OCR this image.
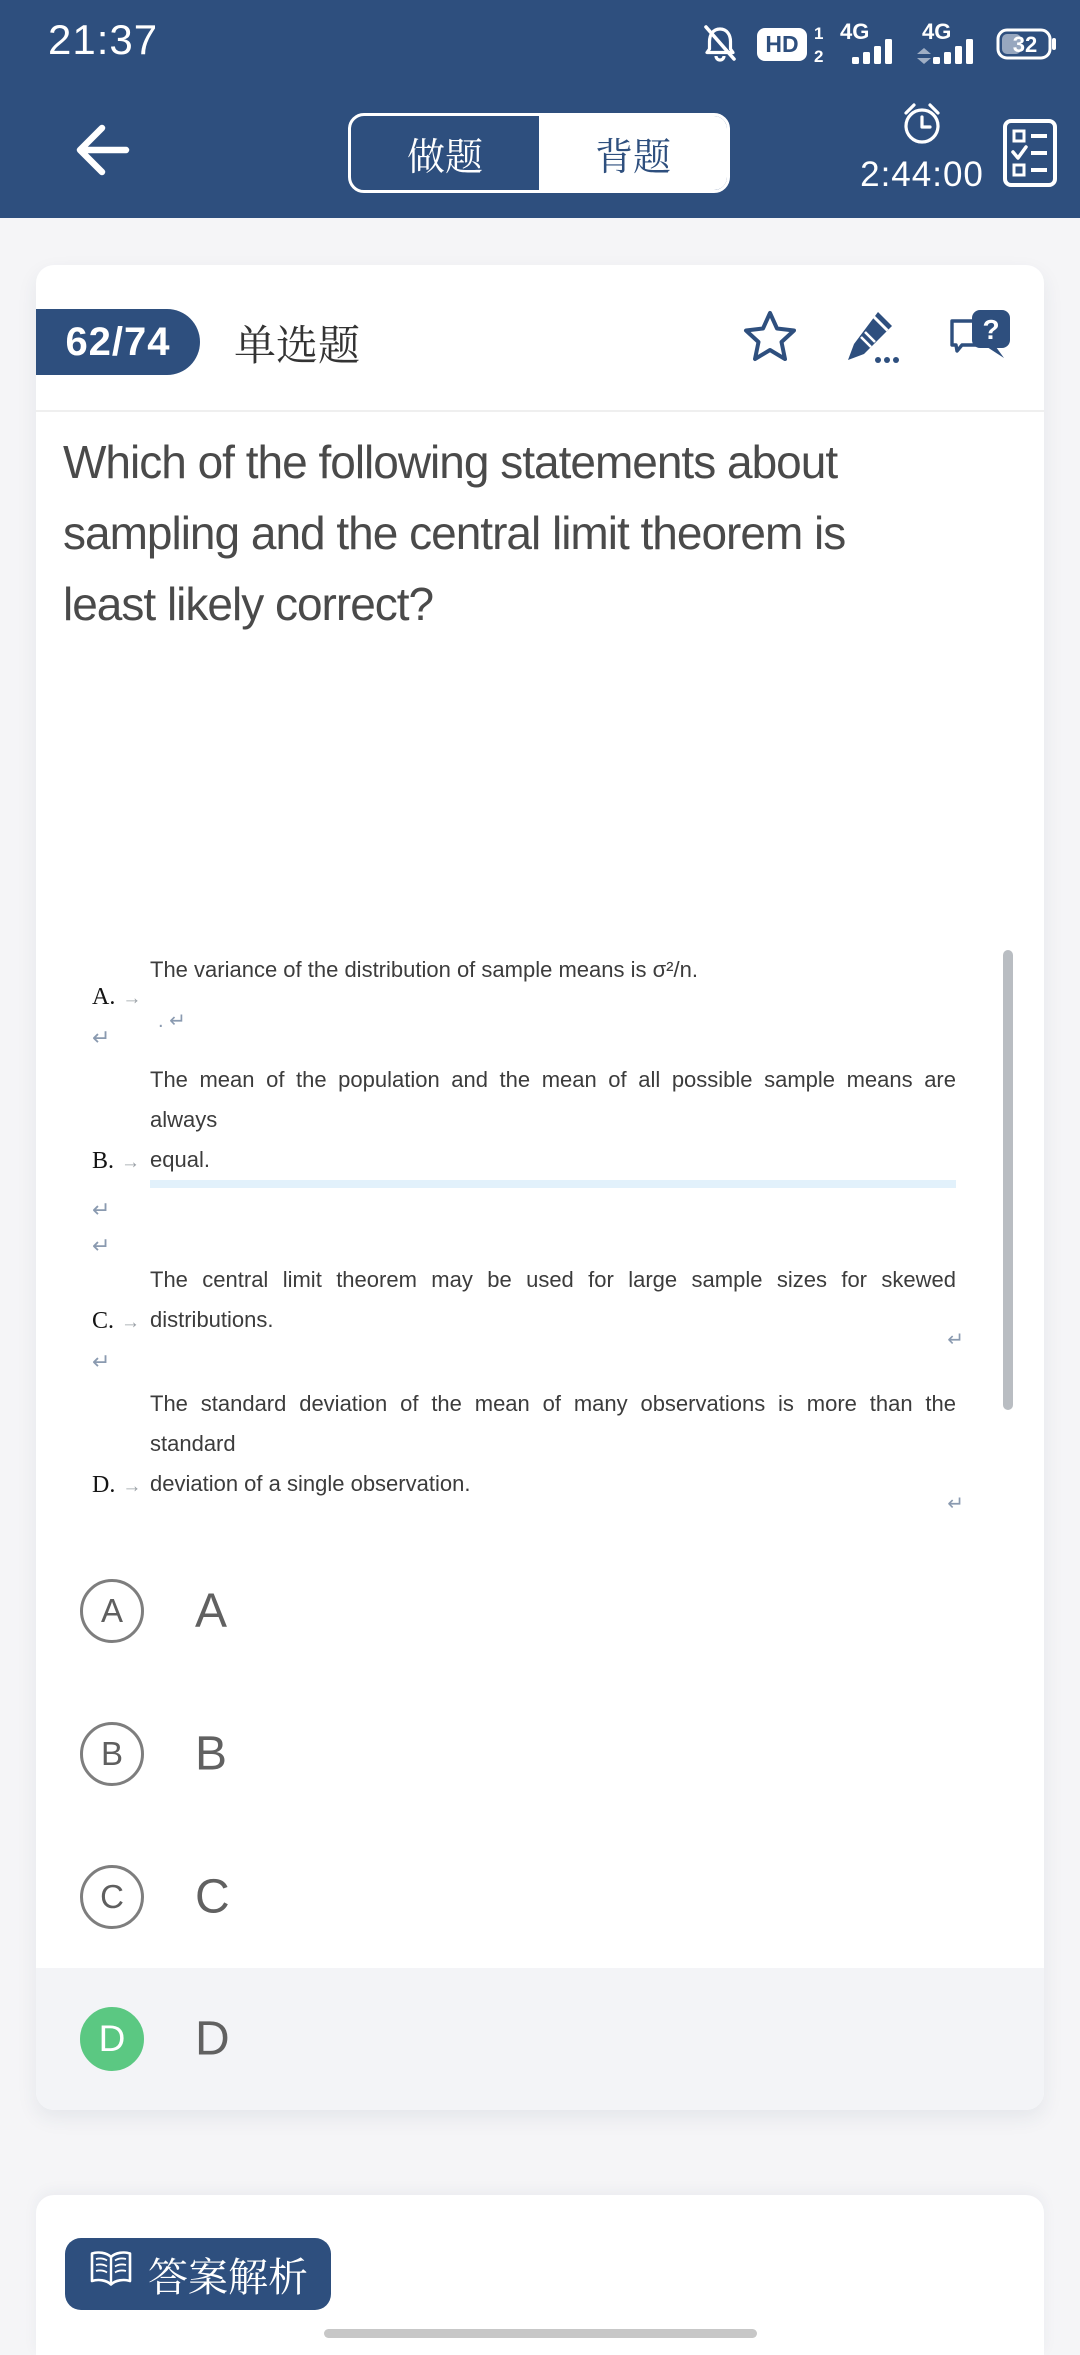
21:37	HD 1
2
4G 4G
32
做题	背题	2:44:00
62/74	单选题	?
Which of the following statements about
sampling and the central limit theorem is
least likely correct?
A. →
The variance of the distribution of sample means is σ²/n.
. ↵
↵
B. →
The mean of the population and the mean of all possible sample means are always
equal.
↵
↵
C. →
The central limit theorem may be used for large sample sizes for skewed
distributions.
↵
↵
D. →
The standard deviation of the mean of many observations is more than the standard
deviation of a single observation.
↵
A	A
B	B
C	C
D	D
答案解析
